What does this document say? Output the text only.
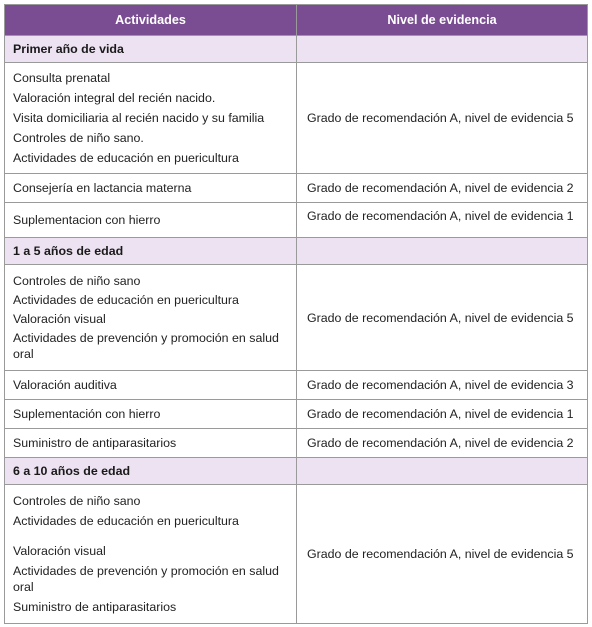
Actividades	Nivel de evidencia
Primer año de vida	

Consulta prenatal
Valoración integral del recién nacido.
Visita domiciliaria al recién nacido y su familia
Controles de niño sano.
Actividades de educación en puericultura	Grado de recomendación A, nivel de evidencia 5

Consejería en lactancia materna	Grado de recomendación A, nivel de evidencia 2

Suplementacion con hierro	Grado de recomendación A, nivel de evidencia 1
1 a 5 años de edad	

Controles de niño sano
Actividades de educación en puericultura
Valoración visual
Actividades de prevención y promoción en salud oral	Grado de recomendación A, nivel de evidencia 5

Valoración auditiva	Grado de recomendación A, nivel de evidencia 3

Suplementación con hierro	Grado de recomendación A, nivel de evidencia 1

Suministro de antiparasitarios	Grado de recomendación A, nivel de evidencia 2
6 a 10 años de edad	

Controles de niño sano
Actividades de educación en puericultura
Valoración visual
Actividades de prevención y promoción en salud oral
Suministro de antiparasitarios	Grado de recomendación A, nivel de evidencia 5
